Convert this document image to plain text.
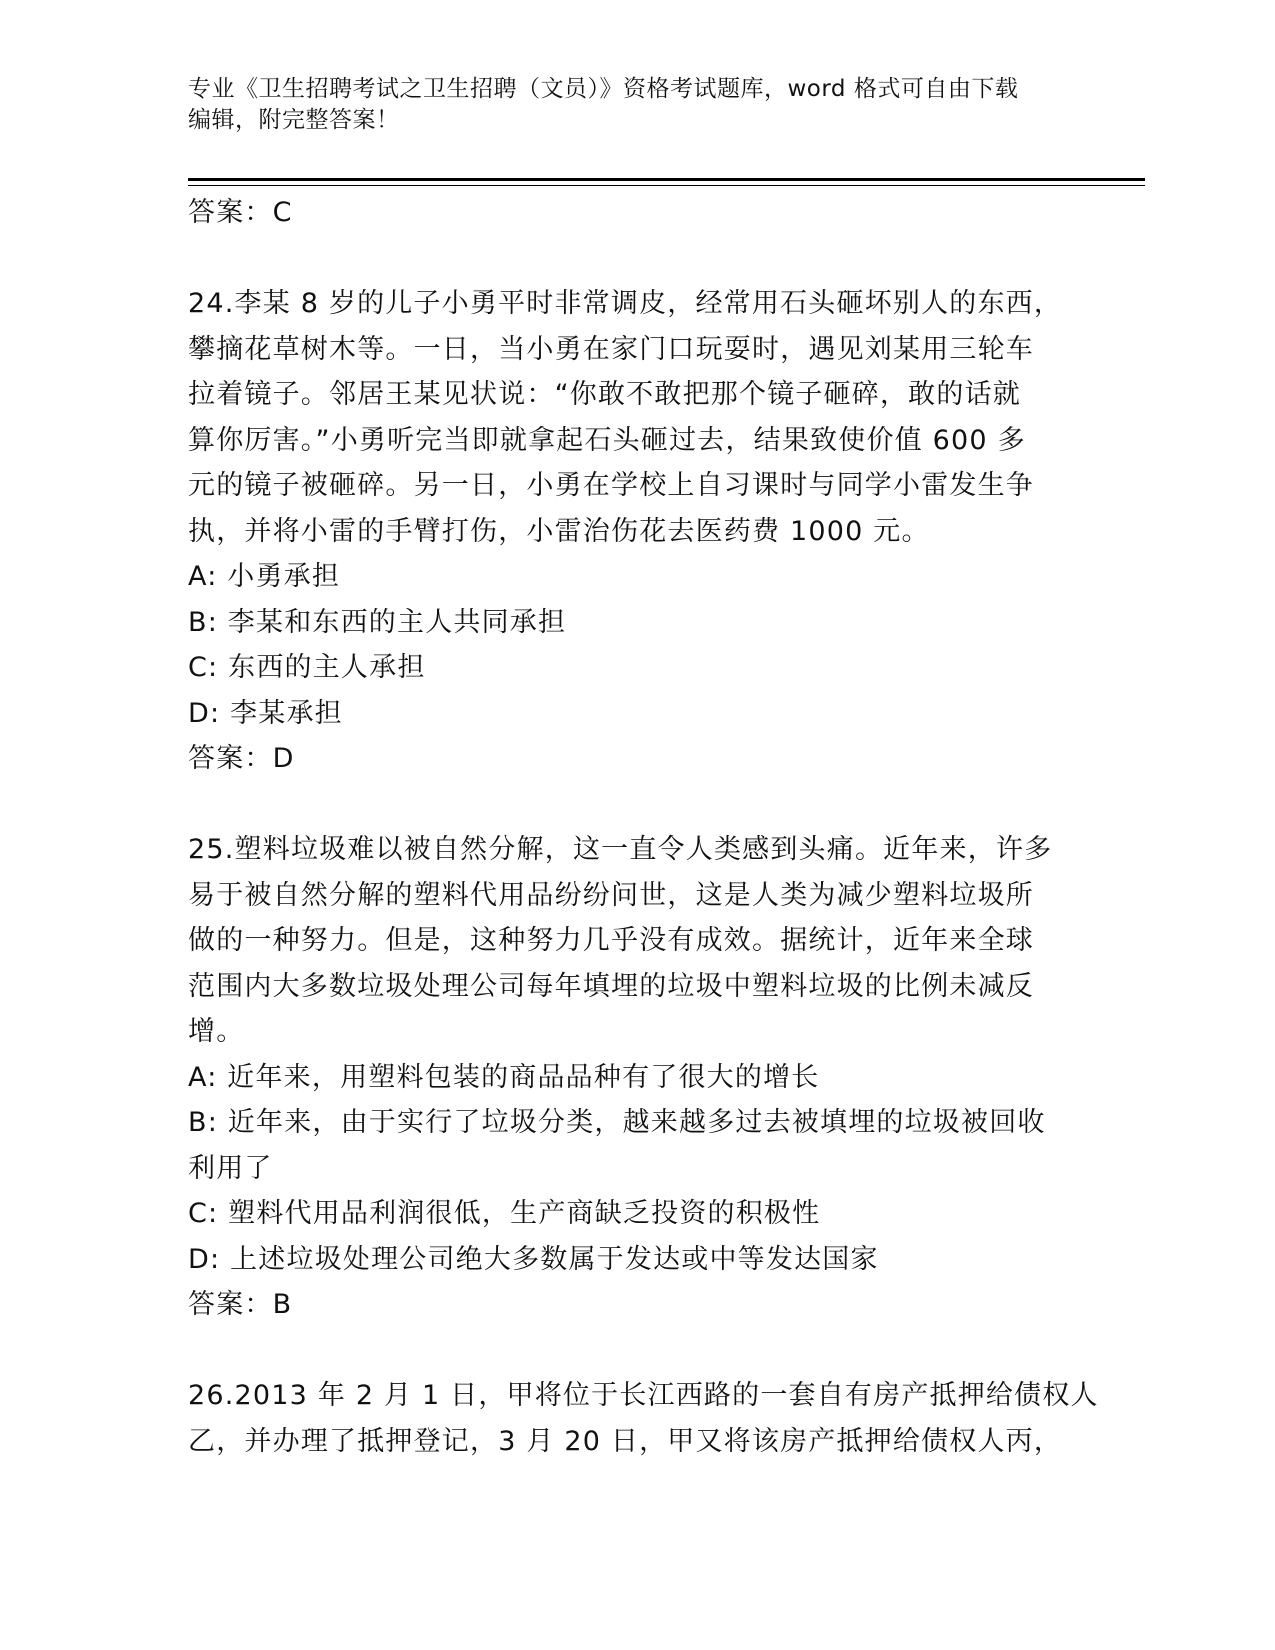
专业《卫生招聘考试之卫生招聘（文员）》资格考试题库，word 格式可自由下载
编辑，附完整答案！
答案：C
24.李某 8 岁的儿子小勇平时非常调皮，经常用石头砸坏别人的东西，
攀摘花草树木等。一日，当小勇在家门口玩耍时，遇见刘某用三轮车
拉着镜子。邻居王某见状说：“你敢不敢把那个镜子砸碎，敢的话就
算你厉害。”小勇听完当即就拿起石头砸过去，结果致使价值 600 多
元的镜子被砸碎。另一日，小勇在学校上自习课时与同学小雷发生争
执，并将小雷的手臂打伤，小雷治伤花去医药费 1000 元。
A: 小勇承担
B: 李某和东西的主人共同承担
C: 东西的主人承担
D: 李某承担
答案：D
25.塑料垃圾难以被自然分解，这一直令人类感到头痛。近年来，许多
易于被自然分解的塑料代用品纷纷问世，这是人类为减少塑料垃圾所
做的一种努力。但是，这种努力几乎没有成效。据统计，近年来全球
范围内大多数垃圾处理公司每年填埋的垃圾中塑料垃圾的比例未减反
增。
A: 近年来，用塑料包装的商品品种有了很大的增长
B: 近年来，由于实行了垃圾分类，越来越多过去被填埋的垃圾被回收
利用了
C: 塑料代用品利润很低，生产商缺乏投资的积极性
D: 上述垃圾处理公司绝大多数属于发达或中等发达国家
答案：B
26.2013 年 2 月 1 日，甲将位于长江西路的一套自有房产抵押给债权人
乙，并办理了抵押登记，3 月 20 日，甲又将该房产抵押给债权人丙，
